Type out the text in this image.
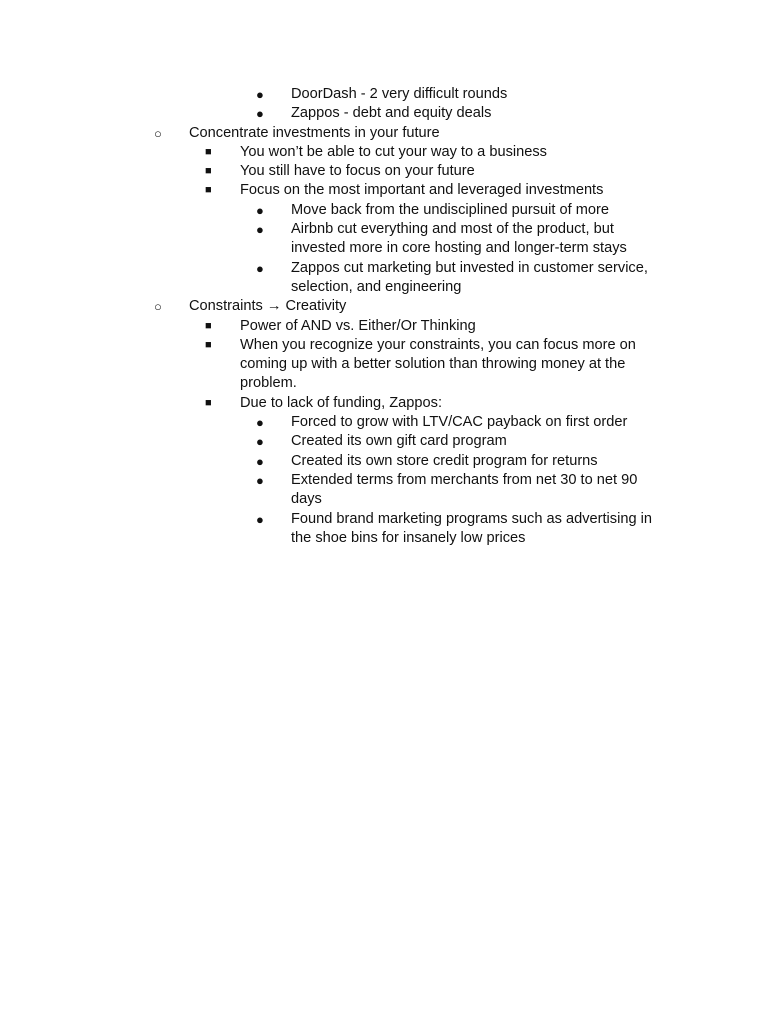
● DoorDash - 2 very difficult rounds
● Zappos - debt and equity deals
○ Concentrate investments in your future
■ You won’t be able to cut your way to a business
■ You still have to focus on your future
■ Focus on the most important and leveraged investments
● Move back from the undisciplined pursuit of more
● Airbnb cut everything and most of the product, but invested more in core hosting and longer-term stays
● Zappos cut marketing but invested in customer service, selection, and engineering
○ Constraints → Creativity
■ Power of AND vs. Either/Or Thinking
■ When you recognize your constraints, you can focus more on coming up with a better solution than throwing money at the problem.
■ Due to lack of funding, Zappos:
● Forced to grow with LTV/CAC payback on first order
● Created its own gift card program
● Created its own store credit program for returns
● Extended terms from merchants from net 30 to net 90 days
● Found brand marketing programs such as advertising in the shoe bins for insanely low prices
